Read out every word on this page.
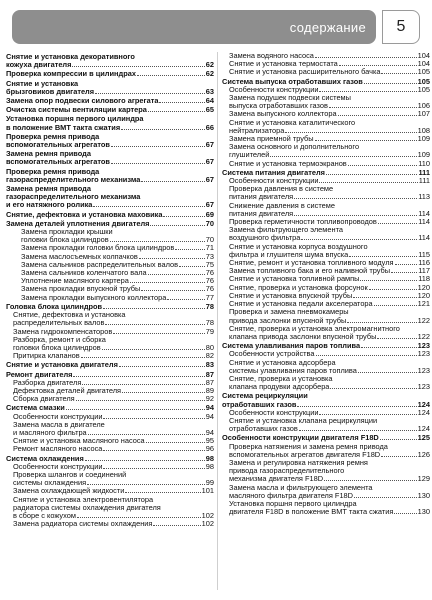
содержание	5
Снятие и установка декоративного
кожуха двигателя	62
Проверка компрессии в цилиндрах	62
Снятие и установка
брызговиков двигателя	63
Замена опор подвески силового агрегата	64
Очистка системы вентиляции картера	65
Установка поршня первого цилиндра
в положение ВМТ такта сжатия	66
Проверка ремня привода
вспомогательных агрегатов	67
Замена ремня привода
вспомогательных агрегатов	67
Проверка ремня привода
газораспределительного механизма	67
Замена ремня привода
газораспределительного механизма
и его натяжного ролика	67
Снятие, дефектовка и установка маховика	69
Замена деталей уплотнения двигателя	70
Замена прокладки крышки
головки блока цилиндров	70
Замена прокладки головки блока цилиндров	71
Замена маслосъемных колпачков	73
Замена сальников распределительных валов	75
Замена сальников коленчатого вала	76
Уплотнение масляного картера	76
Замена прокладки впускной трубы	76
Замена прокладки выпускного коллектора	77
Головка блока цилиндров	78
Снятие, дефектовка и установка
распределительных валов	78
Замена гидрокомпенсаторов	79
Разборка, ремонт и сборка
головки блока цилиндров	80
Притирка клапанов	82
Снятие и установка двигателя	83
Ремонт двигателя	87
Разборка двигателя	87
Дефектовка деталей двигателя	89
Сборка двигателя	92
Система смазки	94
Особенности конструкции	94
Замена масла в двигателе
и масляного фильтра	94
Снятие и установка масляного насоса	95
Ремонт масляного насоса	96
Система охлаждения	98
Особенности конструкции	98
Проверка шлангов и соединений
системы охлаждения	99
Замена охлаждающей жидкости	101
Снятие и установка электровентилятора
радиатора системы охлаждения двигателя
в сборе с кожухом	102
Замена радиатора системы охлаждения	102
Замена водяного насоса	104
Снятие и установка термостата	104
Снятие и установка расширительного бачка	105
Система выпуска отработавших газов	105
Особенности конструкции	105
Замена подушек подвески системы
выпуска отработавших газов	106
Замена выпускного коллектора	107
Снятие и установка каталитического
нейтрализатора	108
Замена приемной трубы	109
Замена основного и дополнительного
глушителей	109
Снятие и установка термоэкранов	110
Система питания двигателя	111
Особенности конструкции	111
Проверка давления в системе
питания двигателя	113
Снижение давления в системе
питания двигателя	114
Проверка герметичности топливопроводов	114
Замена фильтрующего элемента
воздушного фильтра	114
Снятие и установка корпуса воздушного
фильтра и глушителя шума впуска	115
Снятие, ремонт и установка топливного модуля	116
Замена топливного бака и его наливной трубы	117
Снятие и установка топливной рампы	118
Снятие, проверка и установка форсунок	120
Снятие и установка впускной трубы	120
Снятие и установка педали акселератора	121
Проверка и замена пневмокамеры
привода заслонки впускной трубы	122
Снятие, проверка и установка электромагнитного
клапана привода заслонки впускной трубы	122
Система улавливания паров топлива	123
Особенности устройства	123
Снятие и установка адсорбера
системы улавливания паров топлива	123
Снятие, проверка и установка
клапана продувки адсорбера	123
Система рециркуляции
отработавших газов	124
Особенности конструкции	124
Снятие и установка клапана рециркуляции
отработавших газов	124
Особенности конструкции двигателя F18D	125
Проверка натяжения и замена ремня привода
вспомогательных агрегатов двигателя F18D	126
Замена и регулировка натяжения ремня
привода газораспределительного
механизма двигателя F18D	129
Замена масла и фильтрующего элемента
масляного фильтра двигателя F18D	130
Установка поршня первого цилиндра
двигателя F18D в положение ВМТ такта сжатия	130
